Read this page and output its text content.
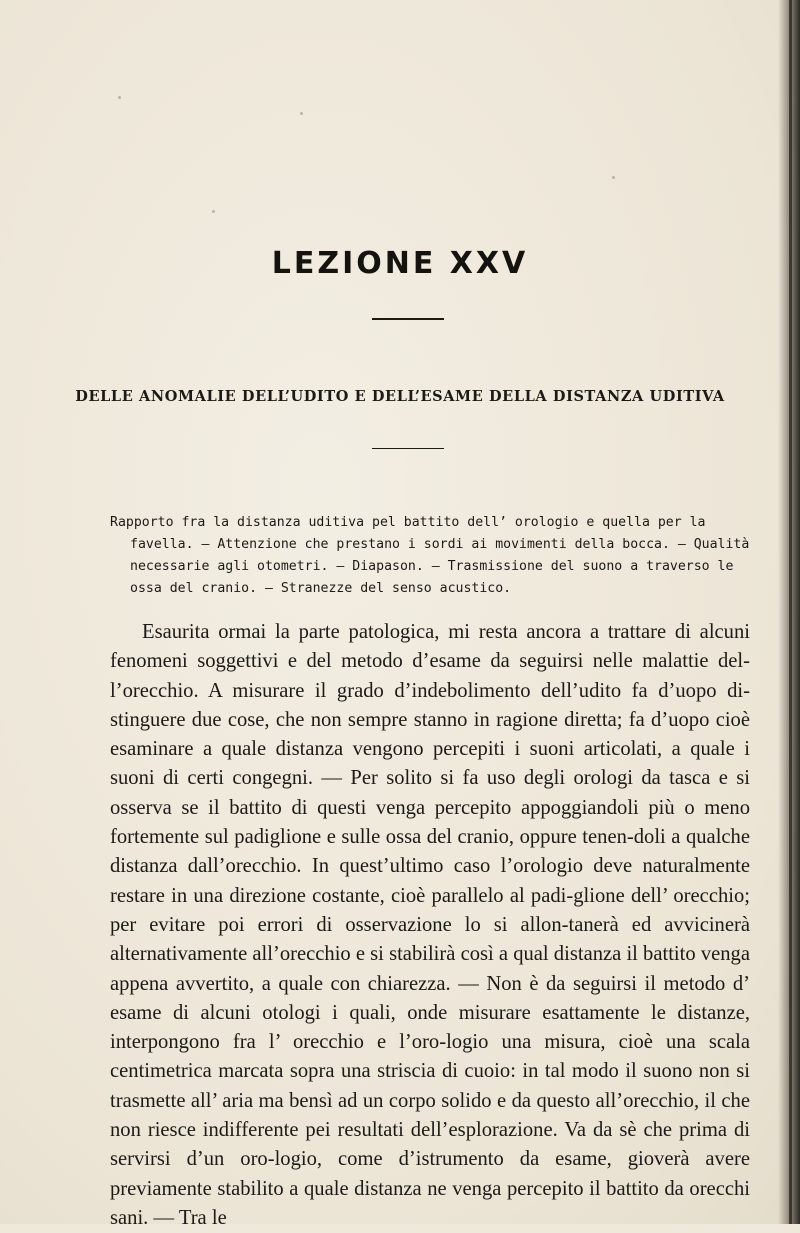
LEZIONE XXV
DELLE ANOMALIE DELL’UDITO E DELL’ESAME DELLA DISTANZA UDITIVA

Rapporto fra la distanza uditiva pel battito dell’ orologio e quella per la favella. — Attenzione che prestano i sordi ai movimenti della bocca. — Qualità necessarie agli otometri. — Diapason. — Trasmissione del suono a traverso le ossa del cranio. — Stranezze del senso acustico.

Esaurita ormai la parte patologica, mi resta ancora a trattare di alcuni fenomeni soggettivi e del metodo d’esame da seguirsi nelle malattie del-l’orecchio. A misurare il grado d’indebolimento dell’udito fa d’uopo di-stinguere due cose, che non sempre stanno in ragione diretta; fa d’uopo cioè esaminare a quale distanza vengono percepiti i suoni articolati, a quale i suoni di certi congegni. — Per solito si fa uso degli orologi da tasca e si osserva se il battito di questi venga percepito appoggiandoli più o meno fortemente sul padiglione e sulle ossa del cranio, oppure tenen-doli a qualche distanza dall’orecchio. In quest’ultimo caso l’orologio deve naturalmente restare in una direzione costante, cioè parallelo al padi-glione dell’ orecchio; per evitare poi errori di osservazione lo si allon-tanerà ed avvicinerà alternativamente all’orecchio e si stabilirà così a qual distanza il battito venga appena avvertito, a quale con chiarezza. — Non è da seguirsi il metodo d’ esame di alcuni otologi i quali, onde misurare esattamente le distanze, interpongono fra l’ orecchio e l’oro-logio una misura, cioè una scala centimetrica marcata sopra una striscia di cuoio: in tal modo il suono non si trasmette all’ aria ma bensì ad un corpo solido e da questo all’orecchio, il che non riesce indifferente pei resultati dell’esplorazione. Va da sè che prima di servirsi d’un oro-logio, come d’istrumento da esame, gioverà avere previamente stabilito a quale distanza ne venga percepito il battito da orecchi sani. — Tra le
